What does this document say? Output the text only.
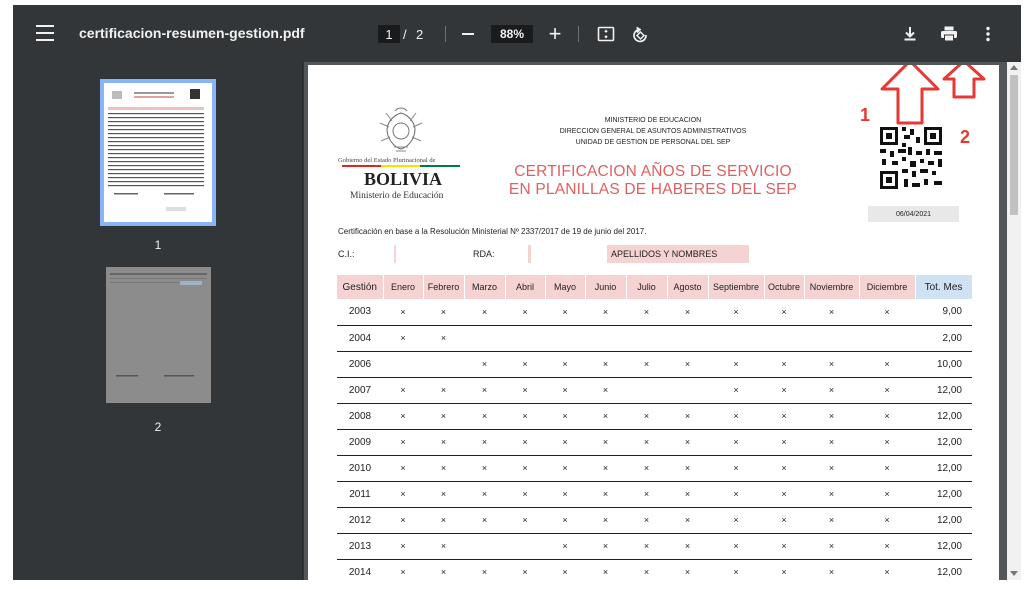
certificacion-resumen-gestion.pdf	1 / 2	88%	+
1
2
Gobierno del Estado Plurinacional de
BOLIVIA
Ministerio de Educación
MINISTERIO DE EDUCACION
DIRECCION GENERAL DE ASUNTOS ADMINISTRATIVOS
UNIDAD DE GESTION DE PERSONAL DEL SEP
CERTIFICACION AÑOS DE SERVICIO
EN PLANILLAS DE HABERES DEL SEP
06/04/2021
Certificación en base a la Resolución Ministerial Nº 2337/2017 de 19 de junio del 2017.
C.I.:	RDA:	APELLIDOS Y NOMBRES
Gestión	Enero	Febrero	Marzo	Abril	Mayo	Junio	Julio	Agosto	Septiembre	Octubre	Noviembre	Diciembre	Tot. Mes
2003	×	×	×	×	×	×	×	×	×	×	×	×	9,00
2004	×	×											2,00
2006			×	×	×	×	×	×	×	×	×	×	10,00
2007	×	×	×	×	×	×			×	×	×	×	12,00
2008	×	×	×	×	×	×	×	×	×	×	×	×	12,00
2009	×	×	×	×	×	×	×	×	×	×	×	×	12,00
2010	×	×	×	×	×	×	×	×	×	×	×	×	12,00
2011	×	×	×	×	×	×	×	×	×	×	×	×	12,00
2012	×	×	×	×	×	×	×	×	×	×	×	×	12,00
2013	×	×			×	×	×	×	×	×	×	×	12,00
2014	×	×	×	×	×	×	×	×	×	×	×	×	12,00
1
2
